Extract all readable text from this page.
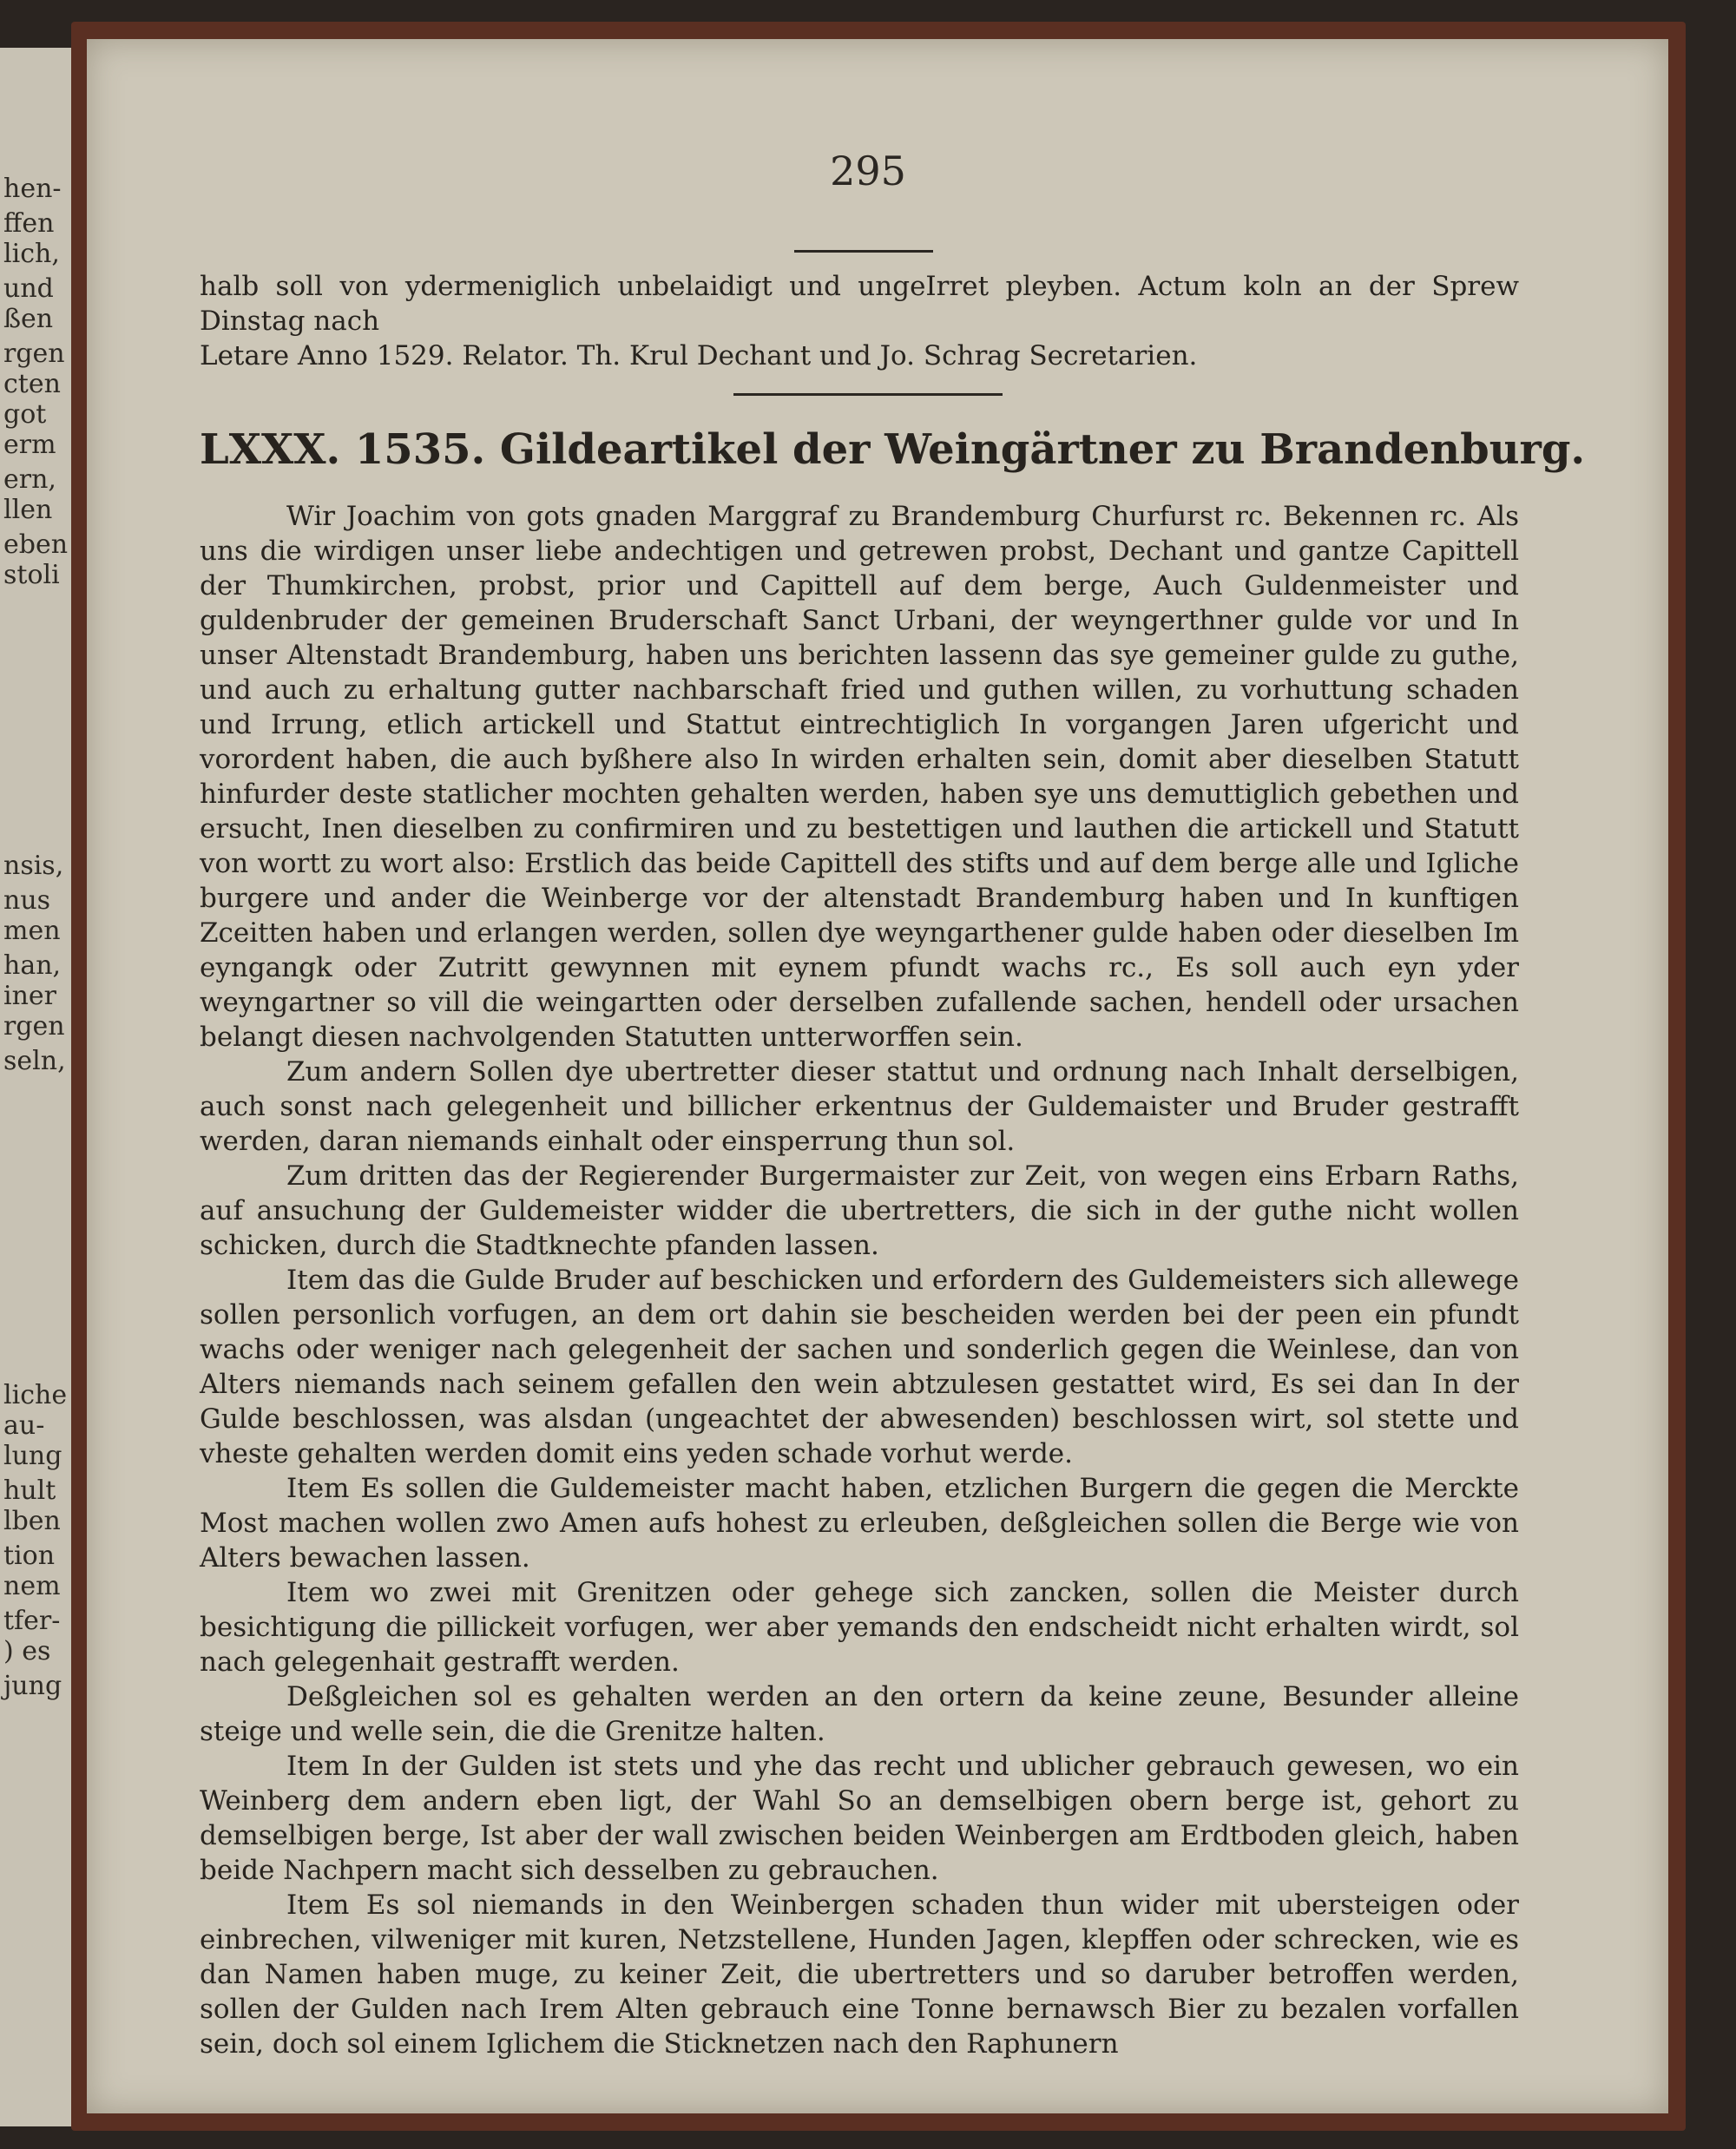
hen-
ffen
lich,
und
ßen
rgen
cten
got
erm
ern,
llen
eben
stoli
nsis,
nus
men
han,
iner
rgen
seln,
liche
au-
lung
hult
lben
tion
nem
tfer-
) es
jung
295

halb soll von ydermeniglich unbelaidigt und ungeIrret pleyben. Actum koln an der Sprew Dinstag nach

Letare Anno 1529. Relator. Th. Krul Dechant und Jo. Schrag Secretarien.

LXXX. 1535. Gildeartikel der Weingärtner zu Brandenburg.

Wir Joachim von gots gnaden Marggraf zu Brandemburg Churfurst rc. Bekennen rc. Als uns die wirdigen unser liebe andechtigen und getrewen probst, Dechant und gantze Capittell der Thumkirchen, probst, prior und Capittell auf dem berge, Auch Guldenmeister und guldenbruder der gemeinen Bruderschaft Sanct Urbani, der weyngerthner gulde vor und In unser Altenstadt Brandemburg, haben uns berichten lassenn das sye gemeiner gulde zu guthe, und auch zu erhaltung gutter nachbarschaft fried und guthen willen, zu vorhuttung schaden und Irrung, etlich artickell und Stattut eintrechtiglich In vorgangen Jaren ufgericht und vorordent haben, die auch byßhere also In wirden erhalten sein, domit aber dieselben Statutt hinfurder deste statlicher mochten gehalten werden, haben sye uns demuttiglich gebethen und ersucht, Inen dieselben zu confirmiren und zu bestettigen und lauthen die artickell und Statutt von wortt zu wort also: Erstlich das beide Capittell des stifts und auf dem berge alle und Igliche burgere und ander die Weinberge vor der altenstadt Brandemburg haben und In kunftigen Zceitten haben und erlangen werden, sollen dye weyngarthener gulde haben oder dieselben Im eyngangk oder Zutritt gewynnen mit eynem pfundt wachs rc., Es soll auch eyn yder weyngartner so vill die weingartten oder derselben zufallende sachen, hendell oder ursachen belangt diesen nachvolgenden Statutten untterworffen sein.

Zum andern Sollen dye ubertretter dieser stattut und ordnung nach Inhalt derselbigen, auch sonst nach gelegenheit und billicher erkentnus der Guldemaister und Bruder gestrafft werden, daran niemands einhalt oder einsperrung thun sol.

Zum dritten das der Regierender Burgermaister zur Zeit, von wegen eins Erbarn Raths, auf ansuchung der Guldemeister widder die ubertretters, die sich in der guthe nicht wollen schicken, durch die Stadtknechte pfanden lassen.

Item das die Gulde Bruder auf beschicken und erfordern des Guldemeisters sich allewege sollen personlich vorfugen, an dem ort dahin sie bescheiden werden bei der peen ein pfundt wachs oder weniger nach gelegenheit der sachen und sonderlich gegen die Weinlese, dan von Alters niemands nach seinem gefallen den wein abtzulesen gestattet wird, Es sei dan In der Gulde beschlossen, was alsdan (ungeachtet der abwesenden) beschlossen wirt, sol stette und vheste gehalten werden domit eins yeden schade vorhut werde.

Item Es sollen die Guldemeister macht haben, etzlichen Burgern die gegen die Merckte Most machen wollen zwo Amen aufs hohest zu erleuben, deßgleichen sollen die Berge wie von Alters bewachen lassen.

Item wo zwei mit Grenitzen oder gehege sich zancken, sollen die Meister durch besichtigung die pillickeit vorfugen, wer aber yemands den endscheidt nicht erhalten wirdt, sol nach gelegenhait gestrafft werden.

Deßgleichen sol es gehalten werden an den ortern da keine zeune, Besunder alleine steige und welle sein, die die Grenitze halten.

Item In der Gulden ist stets und yhe das recht und ublicher gebrauch gewesen, wo ein Weinberg dem andern eben ligt, der Wahl So an demselbigen obern berge ist, gehort zu demselbigen berge, Ist aber der wall zwischen beiden Weinbergen am Erdtboden gleich, haben beide Nachpern macht sich desselben zu gebrauchen.

Item Es sol niemands in den Weinbergen schaden thun wider mit ubersteigen oder einbrechen, vilweniger mit kuren, Netzstellene, Hunden Jagen, klepffen oder schrecken, wie es dan Namen haben muge, zu keiner Zeit, die ubertretters und so daruber betroffen werden, sollen der Gulden nach Irem Alten gebrauch eine Tonne bernawsch Bier zu bezalen vorfallen sein, doch sol einem Iglichem die Sticknetzen nach den Raphunern
